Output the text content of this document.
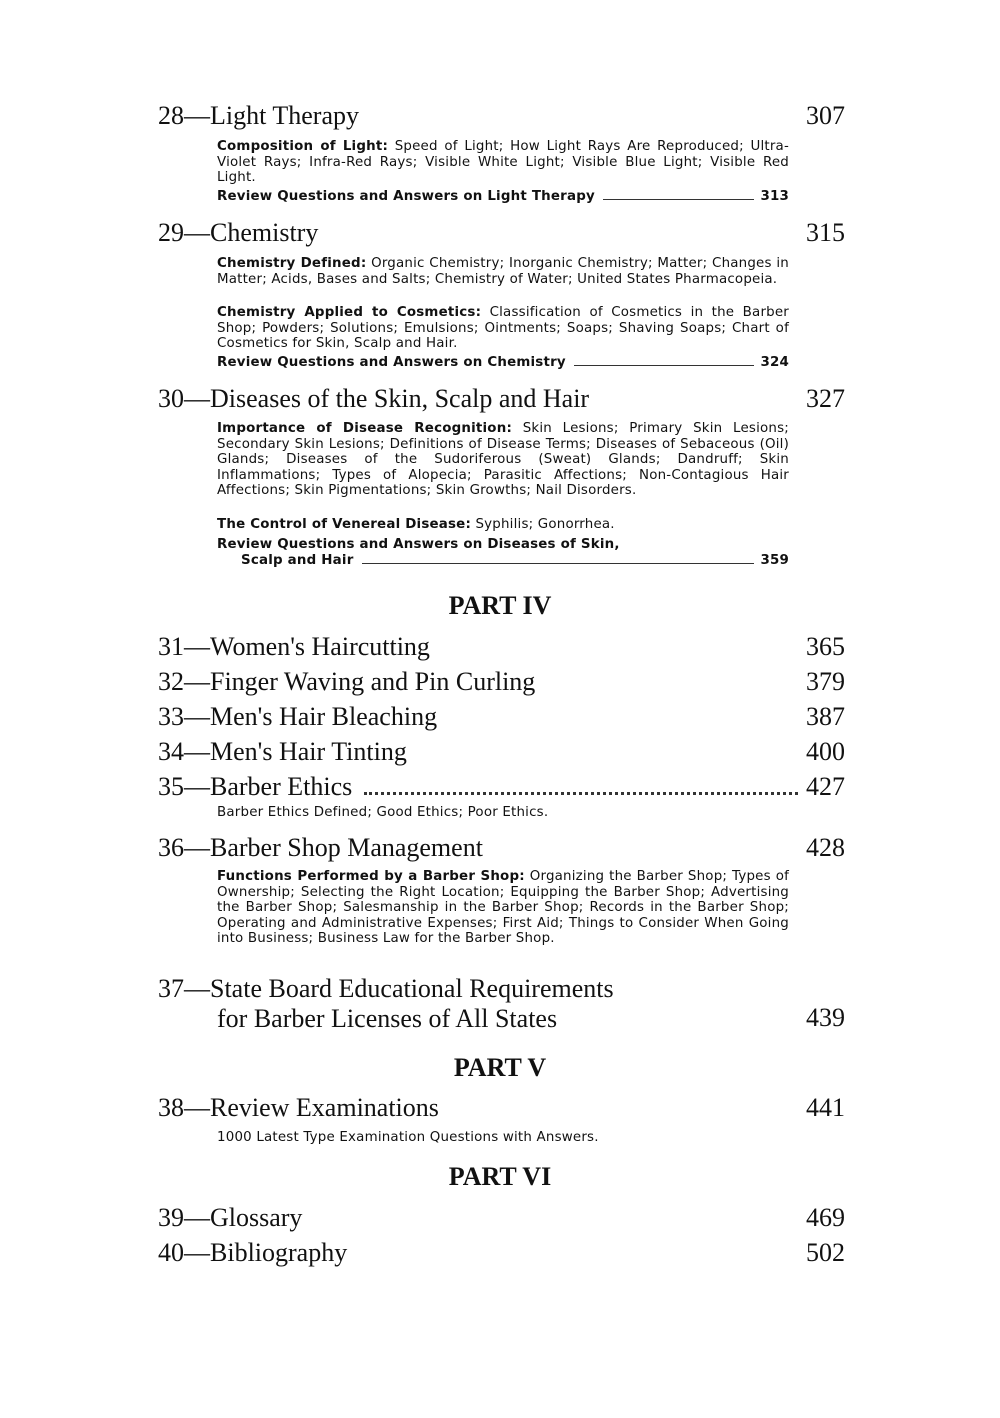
28—Light Therapy	307
Composition of Light: Speed of Light; How Light Rays Are Reproduced; Ultra-Violet Rays; Infra-Red Rays; Visible White Light; Visible Blue Light; Visible Red Light.
Review Questions and Answers on Light Therapy	313
29—Chemistry	315
Chemistry Defined: Organic Chemistry; Inorganic Chemistry; Matter; Changes in Matter; Acids, Bases and Salts; Chemistry of Water; United States Pharmacopeia.
Chemistry Applied to Cosmetics: Classification of Cosmetics in the Barber Shop; Powders; Solutions; Emulsions; Ointments; Soaps; Shaving Soaps; Chart of Cosmetics for Skin, Scalp and Hair.
Review Questions and Answers on Chemistry	324
30—Diseases of the Skin, Scalp and Hair	327
Importance of Disease Recognition: Skin Lesions; Primary Skin Lesions; Secondary Skin Lesions; Definitions of Disease Terms; Diseases of Sebaceous (Oil) Glands; Diseases of the Sudoriferous (Sweat) Glands; Dandruff; Skin Inflammations; Types of Alopecia; Parasitic Affections; Non-Contagious Hair Affections; Skin Pigmentations; Skin Growths; Nail Disorders.
The Control of Venereal Disease: Syphilis; Gonorrhea.
Review Questions and Answers on Diseases of Skin,
Scalp and Hair	359
PART IV
31—Women's Haircutting	365
32—Finger Waving and Pin Curling	379
33—Men's Hair Bleaching	387
34—Men's Hair Tinting	400
35—Barber Ethics	427
Barber Ethics Defined; Good Ethics; Poor Ethics.
36—Barber Shop Management	428
Functions Performed by a Barber Shop: Organizing the Barber Shop; Types of Ownership; Selecting the Right Location; Equipping the Barber Shop; Advertising the Barber Shop; Salesmanship in the Barber Shop; Records in the Barber Shop; Operating and Administrative Expenses; First Aid; Things to Consider When Going into Business; Business Law for the Barber Shop.
37—State Board Educational Requirements
for Barber Licenses of All States	439
PART V
38—Review Examinations	441
1000 Latest Type Examination Questions with Answers.
PART VI
39—Glossary	469
40—Bibliography	502
